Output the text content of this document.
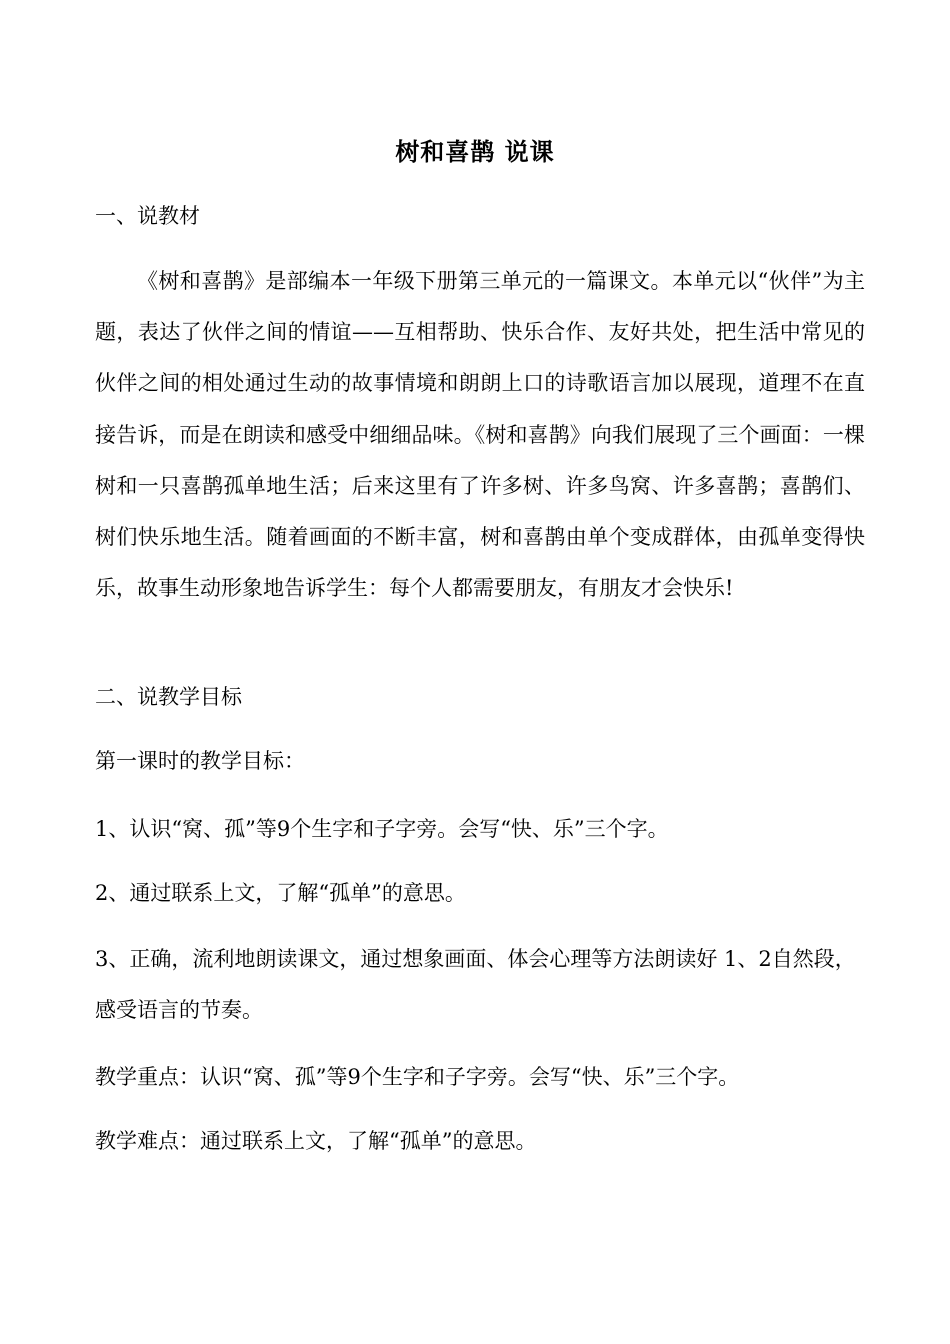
树和喜鹊 说课
一、说教材

《树和喜鹊》是部编本一年级下册第三单元的一篇课文。本单元以“伙伴”为主题，表达了伙伴之间的情谊——互相帮助、快乐合作、友好共处，把生活中常见的伙伴之间的相处通过生动的故事情境和朗朗上口的诗歌语言加以展现，道理不在直接告诉，而是在朗读和感受中细细品味。《树和喜鹊》向我们展现了三个画面：一棵树和一只喜鹊孤单地生活；后来这里有了许多树、许多鸟窝、许多喜鹊；喜鹊们、树们快乐地生活。随着画面的不断丰富，树和喜鹊由单个变成群体，由孤单变得快乐，故事生动形象地告诉学生：每个人都需要朋友，有朋友才会快乐!

二、说教学目标
第一课时的教学目标：
1、认识“窝、孤”等9个生字和子字旁。会写“快、乐”三个字。
2、通过联系上文，了解“孤单”的意思。

3、正确，流利地朗读课文，通过想象画面、体会心理等方法朗读好 1、2自然段，感受语言的节奏。

教学重点：认识“窝、孤”等9个生字和子字旁。会写“快、乐”三个字。
教学难点：通过联系上文，了解“孤单”的意思。
